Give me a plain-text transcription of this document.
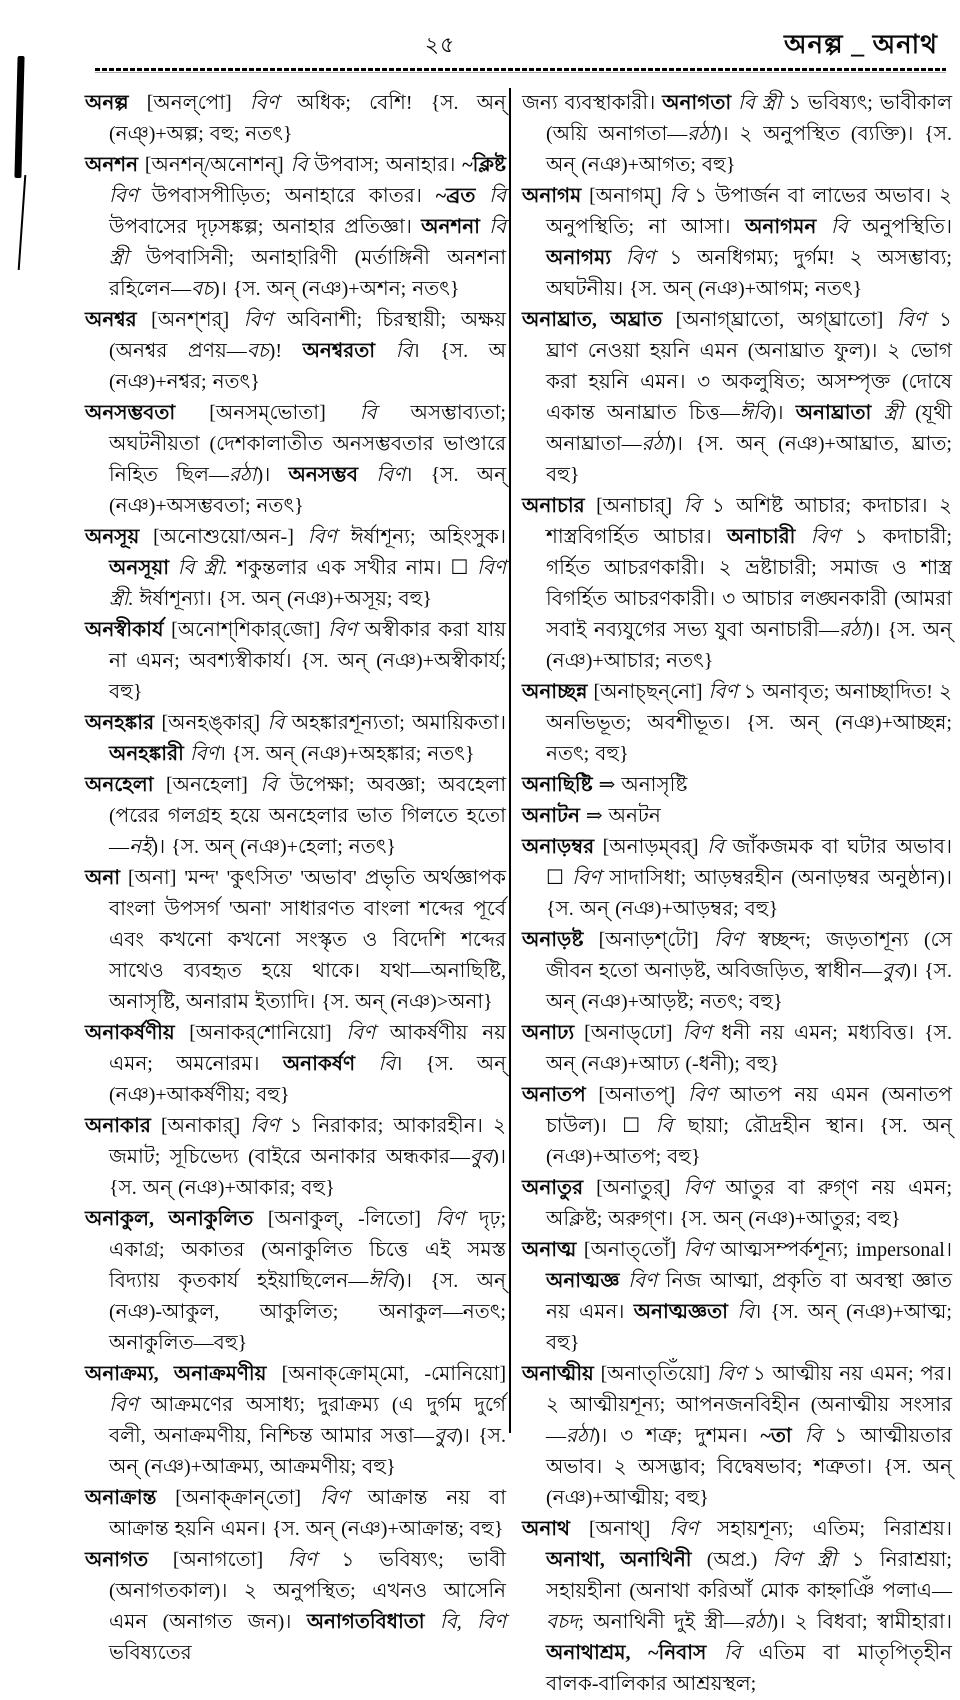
২৫	অনল্প _ অনাথ

অনল্প [অনল্‌পো] বিণ অধিক; বেশি! {স. অন্ (নঞ্)+অল্প; বহু; নতৎ}

অনশন [অনশন্/অনোশন্] বি উপবাস; অনাহার। ~ক্লিষ্ট বিণ উপবাসপীড়িত; অনাহারে কাতর। ~ব্রত বি উপবাসের দৃঢ়সঙ্কল্প; অনাহার প্রতিজ্ঞা। অনশনা বি স্ত্রী উপবাসিনী; অনাহারিণী (মর্তাঙ্গিনী অনশনা রহিলেন—বচ)। {স. অন্ (নঞ)+অশন; নতৎ}

অনশ্বর [অনশ্‌শর্] বিণ অবিনাশী; চিরস্থায়ী; অক্ষয় (অনশ্বর প্রণয়—বচ)! অনশ্বরতা বি। {স. অ (নঞ)+নশ্বর; নতৎ}

অনসম্ভবতা [অনসম্‌ভোতা] বি অসম্ভাব্যতা; অঘটনীয়তা (দেশকালাতীত অনসম্ভবতার ভাণ্ডারে নিহিত ছিল—রঠা)। অনসম্ভব বিণ। {স. অন্ (নঞ)+অসম্ভবতা; নতৎ}

অনসূয় [অনোশুয়ো/অন-] বিণ ঈর্ষাশূন্য; অহিংসুক। অনসূয়া বি স্ত্রী. শকুন্তলার এক সখীর নাম। ☐ বিণ স্ত্রী. ঈর্ষাশূন্যা। {স. অন্ (নঞ)+অসূয়; বহু}

অনস্বীকার্য [অনোশ্‌শিকার্‌জো] বিণ অস্বীকার করা যায় না এমন; অবশ্যস্বীকার্য। {স. অন্ (নঞ)+অস্বীকার্য; বহু}

অনহঙ্কার [অনহঙ্‌কার্] বি অহঙ্কারশূন্যতা; অমায়িকতা। অনহঙ্কারী বিণ। {স. অন্ (নঞ)+অহঙ্কার; নতৎ}

অনহেলা [অনহেলা] বি উপেক্ষা; অবজ্ঞা; অবহেলা (পরের গলগ্রহ হয়ে অনহেলার ভাত গিলতে হতো—নই)। {স. অন্ (নঞ)+হেলা; নতৎ}

অনা [অনা] 'মন্দ' 'কুৎসিত' 'অভাব' প্রভৃতি অর্থজ্ঞাপক বাংলা উপসর্গ 'অনা' সাধারণত বাংলা শব্দের পূর্বে এবং কখনো কখনো সংস্কৃত ও বিদেশি শব্দের সাথেও ব্যবহৃত হয়ে থাকে। যথা—অনাছিষ্টি, অনাসৃষ্টি, অনারাম ইত্যাদি। {স. অন্ (নঞ)>অনা}

অনাকর্ষণীয় [অনাকর্‌শোনিয়ো] বিণ আকর্ষণীয় নয় এমন; অমনোরম। অনাকর্ষণ বি। {স. অন্ (নঞ)+আকর্ষণীয়; বহু}

অনাকার [অনাকার্] বিণ ১ নিরাকার; আকারহীন। ২ জমাট; সূচিভেদ্য (বাইরে অনাকার অন্ধকার—বুব)। {স. অন্ (নঞ)+আকার; বহু}

অনাকুল, অনাকুলিত [অনাকুল্, -লিতো] বিণ দৃঢ়; একাগ্র; অকাতর (অনাকুলিত চিত্তে এই সমস্ত বিদ্যায় কৃতকার্য হইয়াছিলেন—ঈবি)। {স. অন্ (নঞ)-আকুল, আকুলিত; অনাকুল—নতৎ; অনাকুলিত—বহু}

অনাক্রম্য, অনাক্রমণীয় [অনাক্‌ক্রোম্‌মো, -মোনিয়ো] বিণ আক্রমণের অসাধ্য; দুরাক্রম্য (এ দুর্গম দুর্গে বলী, অনাক্রমণীয়, নিশ্চিন্ত আমার সত্তা—বুব)। {স. অন্ (নঞ)+আক্রম্য, আক্রমণীয়; বহু}

অনাক্রান্ত [অনাক্‌ক্রান্‌তো] বিণ আক্রান্ত নয় বা আক্রান্ত হয়নি এমন। {স. অন্ (নঞ)+আক্রান্ত; বহু}

অনাগত [অনাগতো] বিণ ১ ভবিষ্যৎ; ভাবী (অনাগতকাল)। ২ অনুপস্থিত; এখনও আসেনি এমন (অনাগত জন)। অনাগতবিধাতা বি, বিণ ভবিষ্যতের

জন্য ব্যবস্থাকারী। অনাগতা বি স্ত্রী ১ ভবিষ্যৎ; ভাবীকাল (অয়ি অনাগতা—রঠা)। ২ অনুপস্থিত (ব্যক্তি)। {স. অন্ (নঞ)+আগত; বহু}

অনাগম [অনাগম্] বি ১ উপার্জন বা লাভের অভাব। ২ অনুপস্থিতি; না আসা। অনাগমন বি অনুপস্থিতি। অনাগম্য বিণ ১ অনধিগম্য; দুর্গম! ২ অসম্ভাব্য; অঘটনীয়। {স. অন্ (নঞ)+আগম; নতৎ}

অনাঘ্রাত, অঘ্রাত [অনাগ্‌ঘ্রাতো, অগ্‌ঘ্রাতো] বিণ ১ ঘ্রাণ নেওয়া হয়নি এমন (অনাঘ্রাত ফুল)। ২ ভোগ করা হয়নি এমন। ৩ অকলুষিত; অসম্পৃক্ত (দোষে একান্ত অনাঘ্রাত চিত্ত—ঈবি)। অনাঘ্রাতা স্ত্রী (যূথী অনাঘ্রাতা—রঠা)। {স. অন্ (নঞ)+আঘ্রাত, ঘ্রাত; বহু}

অনাচার [অনাচার্] বি ১ অশিষ্ট আচার; কদাচার। ২ শাস্ত্রবিগর্হিত আচার। অনাচারী বিণ ১ কদাচারী; গর্হিত আচরণকারী। ২ ভ্রষ্টাচারী; সমাজ ও শাস্ত্র বিগর্হিত আচরণকারী। ৩ আচার লঙ্ঘনকারী (আমরা সবাই নব্যযুগের সভ্য যুবা অনাচারী—রঠা)। {স. অন্ (নঞ)+আচার; নতৎ}

অনাচ্ছন্ন [অনাচ্‌ছন্‌নো] বিণ ১ অনাবৃত; অনাচ্ছাদিত! ২ অনভিভূত; অবশীভূত। {স. অন্ (নঞ)+আচ্ছন্ন; নতৎ; বহু}

অনাছিষ্টি ⇒ অনাসৃষ্টি

অনাটন ⇒ অনটন

অনাড়ম্বর [অনাড়ম্‌বর্] বি জাঁকজমক বা ঘটার অভাব। ☐ বিণ সাদাসিধা; আড়ম্বরহীন (অনাড়ম্বর অনুষ্ঠান)। {স. অন্ (নঞ)+আড়ম্বর; বহু}

অনাড়ষ্ট [অনাড়শ্‌টো] বিণ স্বচ্ছন্দ; জড়তাশূন্য (সে জীবন হতো অনাড়ষ্ট, অবিজড়িত, স্বাধীন—বুব)। {স. অন্ (নঞ)+আড়ষ্ট; নতৎ; বহু}

অনাঢ্য [অনাড্‌ঢো] বিণ ধনী নয় এমন; মধ্যবিত্ত। {স. অন্ (নঞ)+আঢ্য (-ধনী); বহু}

অনাতপ [অনাতপ্] বিণ আতপ নয় এমন (অনাতপ চাউল)। ☐ বি ছায়া; রৌদ্রহীন স্থান। {স. অন্ (নঞ)+আতপ; বহু}

অনাতুর [অনাতুর্] বিণ আতুর বা রুগ্ণ নয় এমন; অক্লিষ্ট; অরুগ্ণ। {স. অন্ (নঞ)+আতুর; বহু}

অনাত্ম [অনাত্‌তোঁ] বিণ আত্মসম্পর্কশূন্য; impersonal। অনাত্মজ্ঞ বিণ নিজ আত্মা, প্রকৃতি বা অবস্থা জ্ঞাত নয় এমন। অনাত্মজ্ঞতা বি। {স. অন্ (নঞ)+আত্ম; বহু}

অনাত্মীয় [অনাত্‌তিঁয়ো] বিণ ১ আত্মীয় নয় এমন; পর। ২ আত্মীয়শূন্য; আপনজনবিহীন (অনাত্মীয় সংসার—রঠা)। ৩ শত্রু; দুশমন। ~তা বি ১ আত্মীয়তার অভাব। ২ অসদ্ভাব; বিদ্বেষভাব; শত্রুতা। {স. অন্ (নঞ)+আত্মীয়; বহু}

অনাথ [অনাথ্] বিণ সহায়শূন্য; এতিম; নিরাশ্রয়। অনাথা, অনাথিনী (অপ্র.) বিণ স্ত্রী ১ নিরাশ্রয়া; সহায়হীনা (অনাথা করিআঁ মোক কাহ্নাঞিঁ পলাএ—বচদ; অনাথিনী দুই স্ত্রী—রঠা)। ২ বিধবা; স্বামীহারা। অনাথাশ্রম, ~নিবাস বি এতিম বা মাতৃপিতৃহীন বালক-বালিকার আশ্রয়স্থল;
